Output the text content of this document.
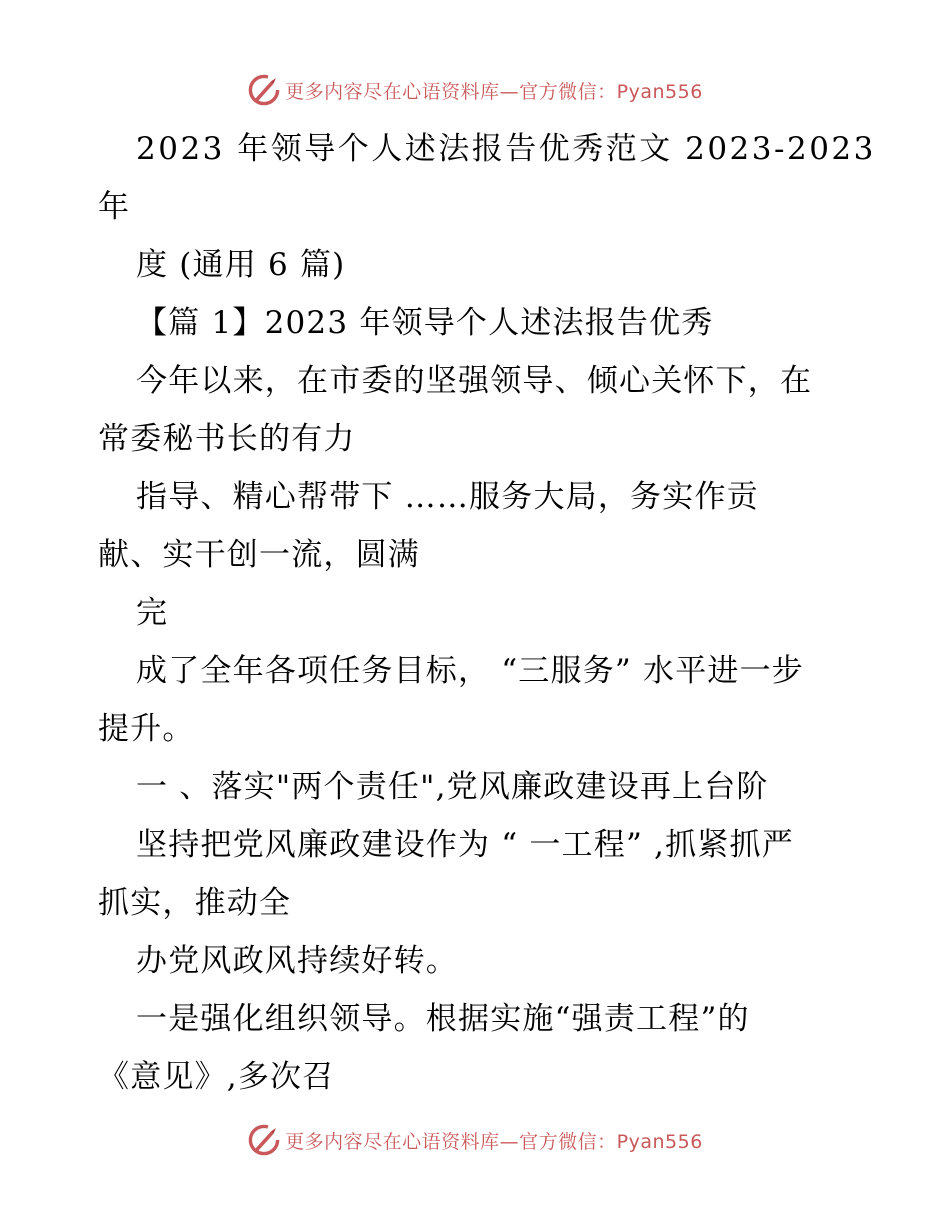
更多内容尽在心语资料库—官方微信：Pyan556
2023 年领导个人述法报告优秀范文 2023-2023
年
度 (通用 6 篇)
【篇 1】2023 年领导个人述法报告优秀
今年以来，在市委的坚强领导、倾心关怀下，在
常委秘书长的有力
指导、精心帮带下 ……服务大局，务实作贡
献、实干创一流，圆满
完
成了全年各项任务目标， “三服务” 水平进一步
提升。
一 、落实"两个责任",党风廉政建设再上台阶
坚持把党风廉政建设作为 “ 一工程” ,抓紧抓严
抓实，推动全
办党风政风持续好转。
一是强化组织领导。根据实施“强责工程”的
《意见》,多次召
更多内容尽在心语资料库—官方微信：Pyan556
